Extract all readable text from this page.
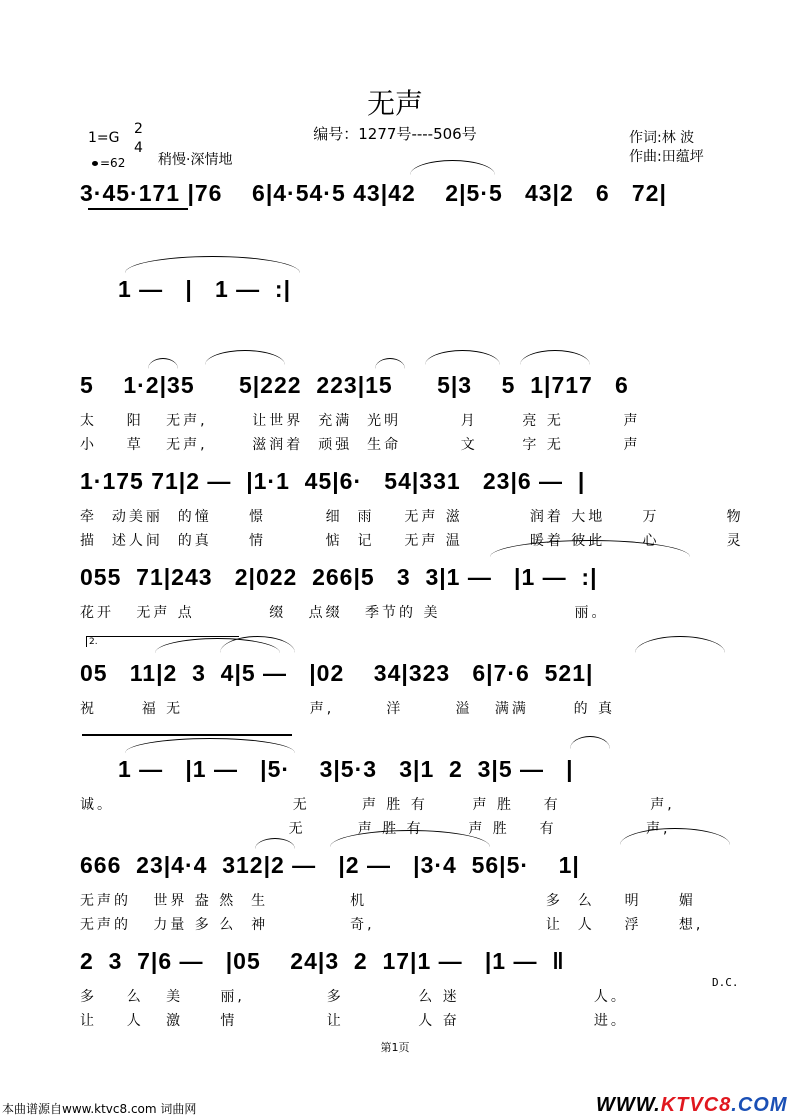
无声
编号：1277号----506号	作词:林 波
作曲:田蕴坪
1=G
2
4
=62 稍慢·深情地
3·45·171 |76    6|4·54·5 43|42    2|5·5   43|2   6   72|
1 —   |   1 —  :|
5    1·2|35      5|222  223|15      5|3    5  1|717   6
太    阳   无声,      让世界  充满  光明        月      亮 无        声
小    草   无声,      滋润着  顽强  生命        文      字 无        声
1·175 71|2 —  |1·1  45|6·   54|331   23|6 —  |
牵  动美丽  的憧     憬        细  雨    无声 滋         润着 大地     万         物
描  述人间  的真     情        惦  记    无声 温         暖着 彼此     心         灵
055  71|243   2|022  266|5   3  3|1 —   |1 —  :|
花开   无声 点          缀   点缀   季节的 美                  丽。
2.
05   11|2  3  4|5 —   |02    34|323   6|7·6  521|
祝      福 无                 声,       洋       溢   满满      的 真
1 —   |1 —   |5·    3|5·3   3|1  2  3|5 —   |
诚。                        无       声 胜 有      声 胜    有            声,
无       声 胜 有      声 胜    有            声,
666  23|4·4  312|2 —   |2 —   |3·4  56|5·    1|
无声的   世界 盎 然  生           机                        多  么    明     媚
无声的   力量 多 么  神           奇,                       让  人    浮     想,
2  3  7|6 —   |05    24|3  2  17|1 —   |1 —  ‖
多    么   美     丽,           多          么 迷                  人。
让    人   激     情            让          人 奋                  进。
D.C.
第1页
本曲谱源自www.ktvc8.com 词曲网	WWW.KTVC8.COM
